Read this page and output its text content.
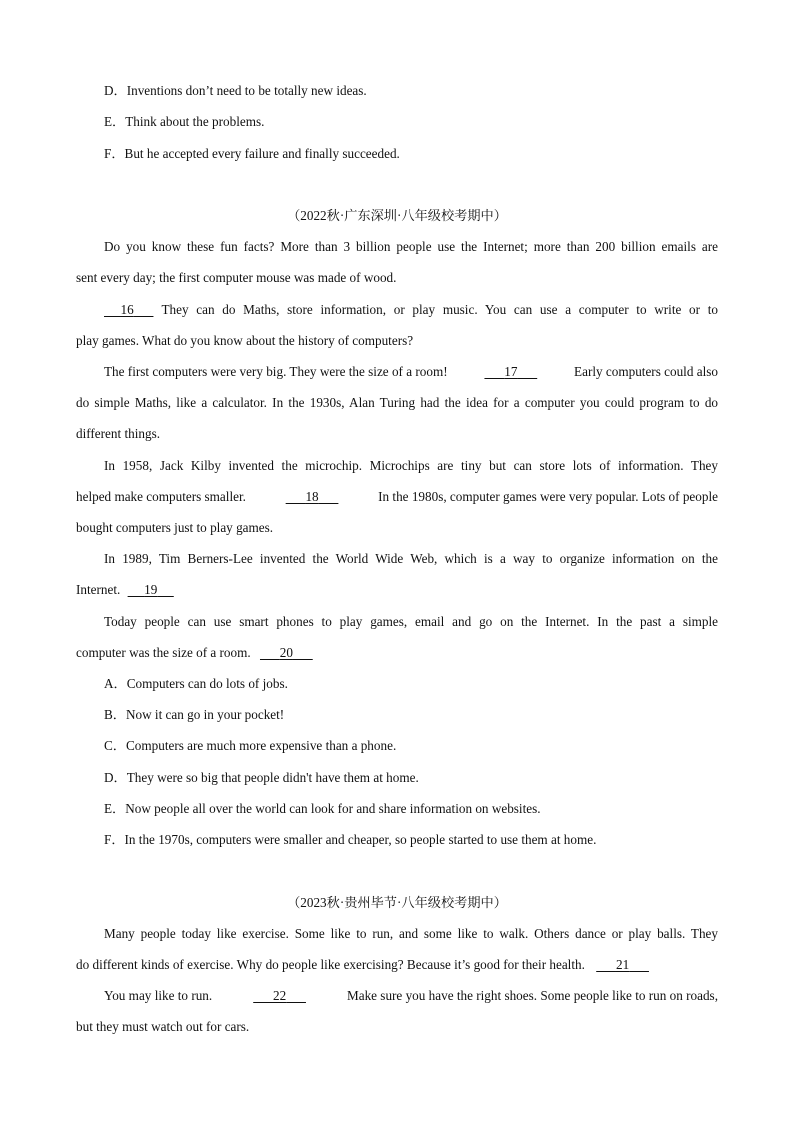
D．Inventions don’t need to be totally new ideas.
E．Think about the problems.
F．But he accepted every failure and finally succeeded.
（2022秋·广东深圳·八年级校考期中）
Do you know these fun facts? More than 3 billion people use the Internet; more than 200 billion emails are
sent every day; the first computer mouse was made of wood.
16	They can do Maths, store information, or play music. You can use a computer to write or to
play games. What do you know about the history of computers?
The first computers were very big. They were the size of a room!	17	Early computers could also
do simple Maths, like a calculator. In the 1930s, Alan Turing had the idea for a computer you could program to do
different things.
In 1958, Jack Kilby invented the microchip. Microchips are tiny but can store lots of information. They
helped make computers smaller.	18	In the 1980s, computer games were very popular. Lots of people
bought computers just to play games.
In 1989, Tim Berners-Lee invented the World Wide Web, which is a way to organize information on the
Internet. 19
Today people can use smart phones to play games, email and go on the Internet. In the past a simple
computer was the size of a room. 20
A．Computers can do lots of jobs.
B．Now it can go in your pocket!
C．Computers are much more expensive than a phone.
D．They were so big that people didn't have them at home.
E．Now people all over the world can look for and share information on websites.
F．In the 1970s, computers were smaller and cheaper, so people started to use them at home.
（2023秋·贵州毕节·八年级校考期中）
Many people today like exercise. Some like to run, and some like to walk. Others dance or play balls. They
do different kinds of exercise. Why do people like exercising? Because it’s good for their health. 21
You may like to run.	22	Make sure you have the right shoes. Some people like to run on roads,
but they must watch out for cars.
